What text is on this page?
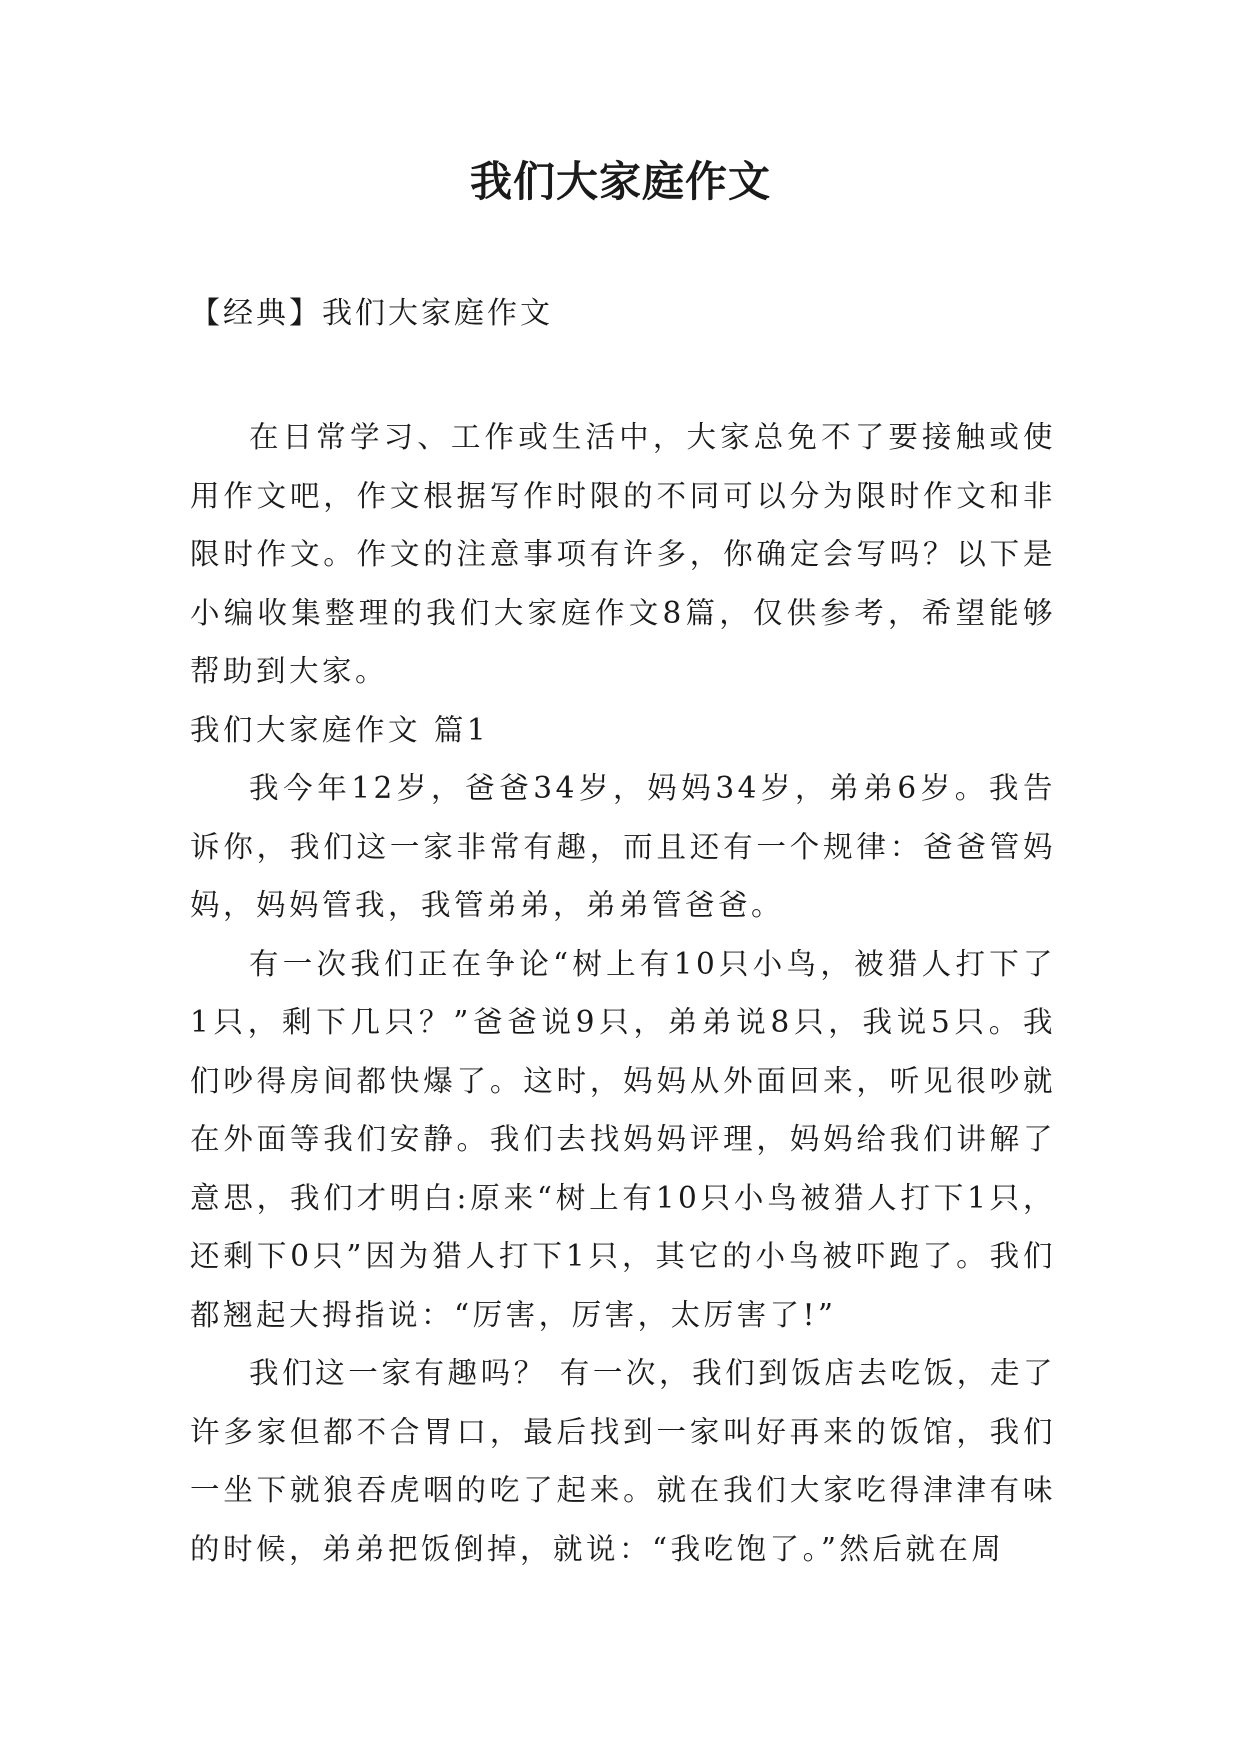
我们大家庭作文
【经典】我们大家庭作文

在日常学习、工作或生活中，大家总免不了要接触或使用作文吧，作文根据写作时限的不同可以分为限时作文和非限时作文。作文的注意事项有许多，你确定会写吗？以下是小编收集整理的我们大家庭作文8篇，仅供参考，希望能够帮助到大家。

我们大家庭作文 篇1

我今年12岁，爸爸34岁，妈妈34岁，弟弟6岁。我告诉你，我们这一家非常有趣，而且还有一个规律：爸爸管妈妈，妈妈管我，我管弟弟，弟弟管爸爸。

有一次我们正在争论“树上有10只小鸟，被猎人打下了1只，剩下几只？”爸爸说9只，弟弟说8只，我说5只。我们吵得房间都快爆了。这时，妈妈从外面回来，听见很吵就在外面等我们安静。我们去找妈妈评理，妈妈给我们讲解了意思，我们才明白:原来“树上有10只小鸟被猎人打下1只，还剩下0只”因为猎人打下1只，其它的小鸟被吓跑了。我们都翘起大拇指说：“厉害，厉害，太厉害了!”

我们这一家有趣吗？ 有一次，我们到饭店去吃饭，走了许多家但都不合胃口，最后找到一家叫好再来的饭馆，我们一坐下就狼吞虎咽的吃了起来。就在我们大家吃得津津有味的时候，弟弟把饭倒掉，就说：“我吃饱了。”然后就在周
